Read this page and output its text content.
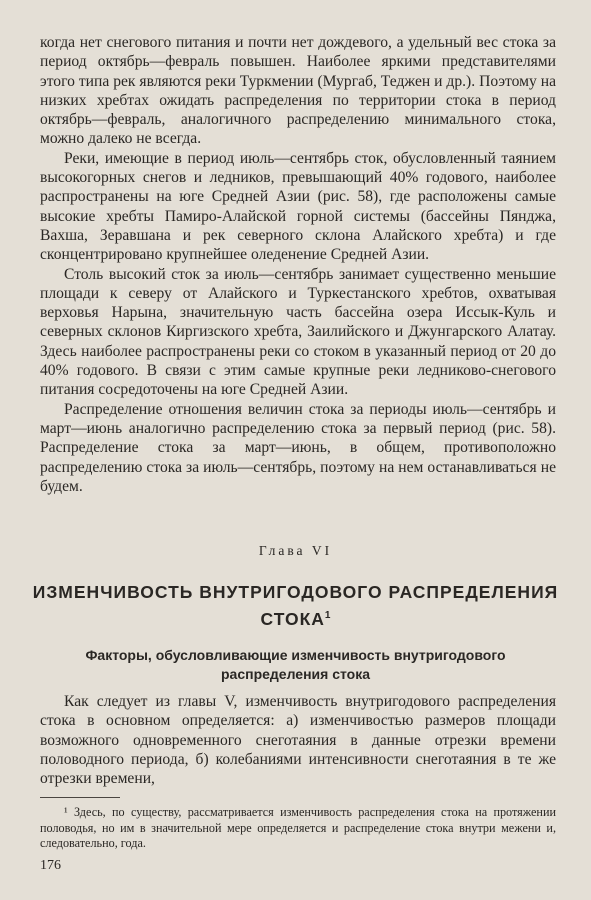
когда нет снегового питания и почти нет дождевого, а удельный вес стока за период октябрь—февраль повышен. Наиболее яркими представителями этого типа рек являются реки Туркмении (Мургаб, Теджен и др.). Поэтому на низких хребтах ожидать распределения по территории стока в период октябрь—февраль, аналогичного распределению минимального стока, можно далеко не всегда.

Реки, имеющие в период июль—сентябрь сток, обусловленный таянием высокогорных снегов и ледников, превышающий 40% годового, наиболее распространены на юге Средней Азии (рис. 58), где расположены самые высокие хребты Памиро-Алайской горной системы (бассейны Пянджа, Вахша, Зеравшана и рек северного склона Алайского хребта) и где сконцентрировано крупнейшее оледенение Средней Азии.

Столь высокий сток за июль—сентябрь занимает существенно меньшие площади к северу от Алайского и Туркестанского хребтов, охватывая верховья Нарына, значительную часть бассейна озера Иссык-Куль и северных склонов Киргизского хребта, Заилийского и Джунгарского Алатау. Здесь наиболее распространены реки со стоком в указанный период от 20 до 40% годового. В связи с этим самые крупные реки ледниково-снегового питания сосредоточены на юге Средней Азии.

Распределение отношения величин стока за периоды июль—сентябрь и март—июнь аналогично распределению стока за первый период (рис. 58). Распределение стока за март—июнь, в общем, противоположно распределению стока за июль—сентябрь, поэтому на нем останавливаться не будем.

Глава VI

ИЗМЕНЧИВОСТЬ ВНУТРИГОДОВОГО РАСПРЕДЕЛЕНИЯ СТОКА$^1$
Факторы, обусловливающие изменчивость внутригодового распределения стока

Как следует из главы V, изменчивость внутригодового распределения стока в основном определяется: а) изменчивостью размеров площади возможного одновременного снеготаяния в данные отрезки времени половодного периода, б) колебаниями интенсивности снеготаяния в те же отрезки времени,

¹ Здесь, по существу, рассматривается изменчивость распределения стока на протяжении половодья, но им в значительной мере определяется и распределение стока внутри межени и, следовательно, года.

176
